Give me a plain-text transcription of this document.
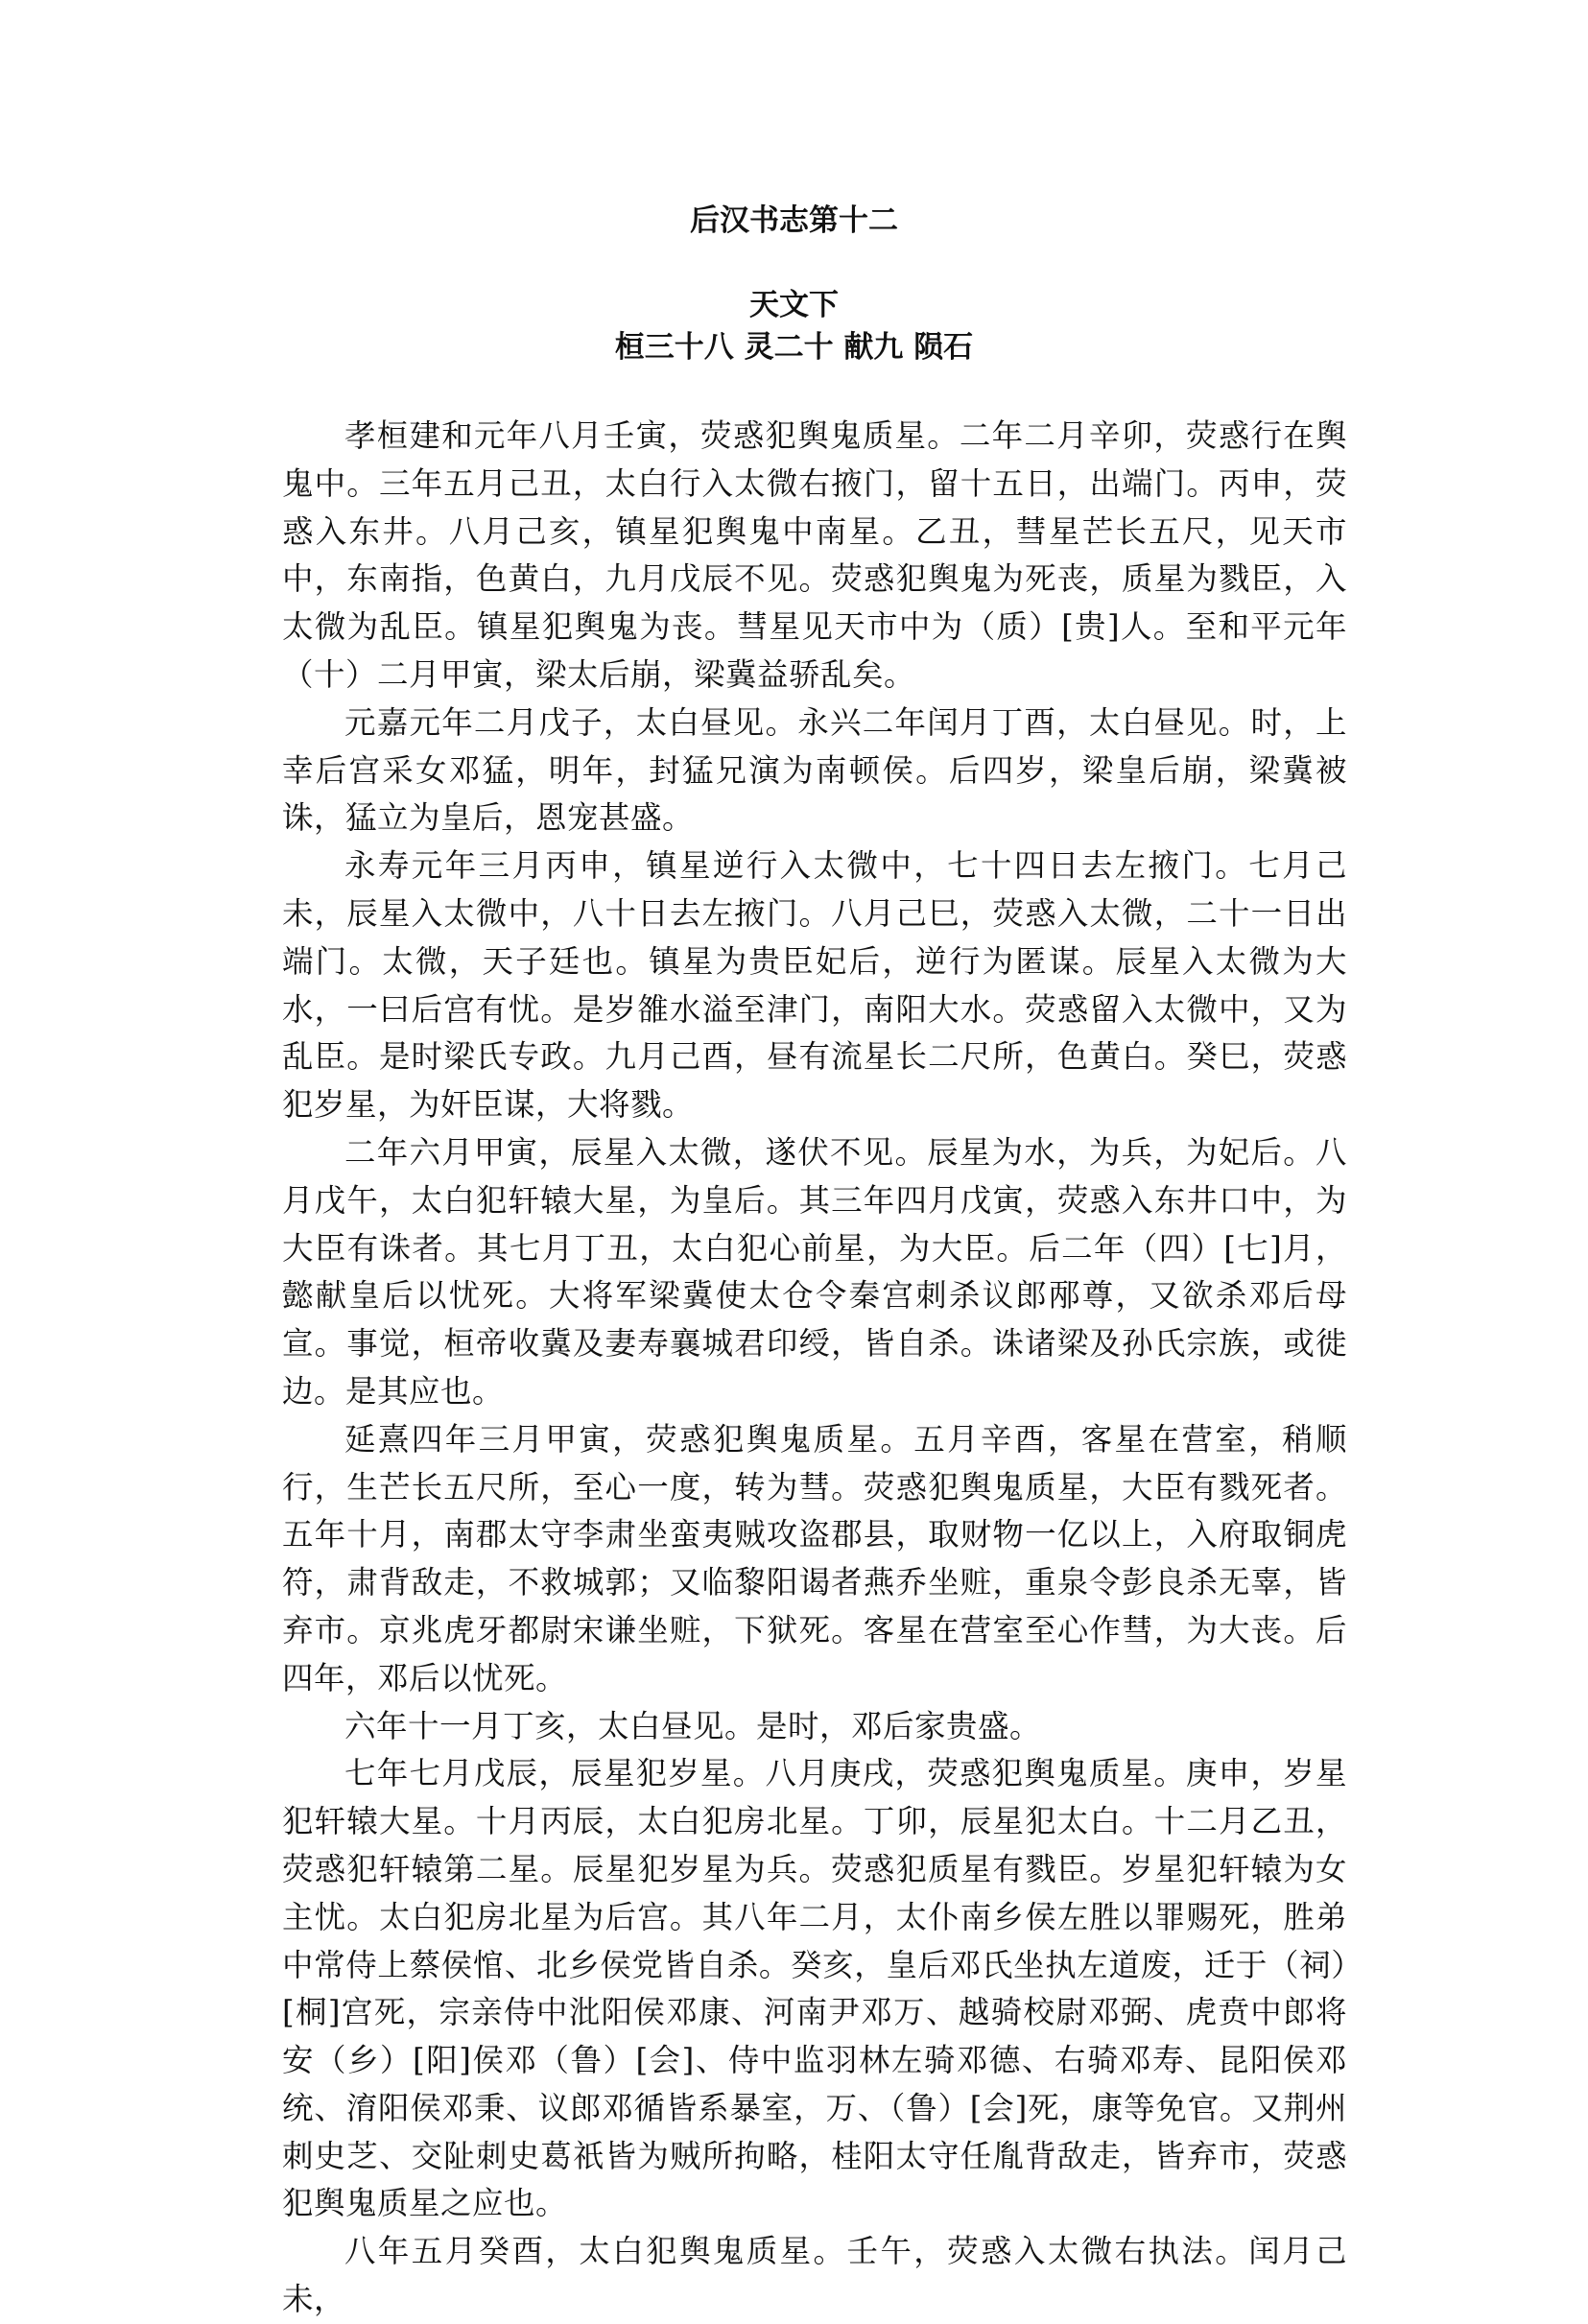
后汉书志第十二
天文下
桓三十八 灵二十 献九 陨石

孝桓建和元年八月壬寅，荧惑犯舆鬼质星。二年二月辛卯，荧惑行在舆鬼中。三年五月己丑，太白行入太微右掖门，留十五日，出端门。丙申，荧惑入东井。八月己亥，镇星犯舆鬼中南星。乙丑，彗星芒长五尺，见天市中，东南指，色黄白，九月戊辰不见。荧惑犯舆鬼为死丧，质星为戮臣，入太微为乱臣。镇星犯舆鬼为丧。彗星见天市中为（质）[贵]人。至和平元年（十）二月甲寅，梁太后崩，梁冀益骄乱矣。

元嘉元年二月戊子，太白昼见。永兴二年闰月丁酉，太白昼见。时，上幸后宫采女邓猛，明年，封猛兄演为南顿侯。后四岁，梁皇后崩，梁冀被诛，猛立为皇后，恩宠甚盛。

永寿元年三月丙申，镇星逆行入太微中，七十四日去左掖门。七月己未，辰星入太微中，八十日去左掖门。八月己巳，荧惑入太微，二十一日出端门。太微，天子廷也。镇星为贵臣妃后，逆行为匿谋。辰星入太微为大水，一曰后宫有忧。是岁雒水溢至津门，南阳大水。荧惑留入太微中，又为乱臣。是时梁氏专政。九月己酉，昼有流星长二尺所，色黄白。癸巳，荧惑犯岁星，为奸臣谋，大将戮。

二年六月甲寅，辰星入太微，遂伏不见。辰星为水，为兵，为妃后。八月戊午，太白犯轩辕大星，为皇后。其三年四月戊寅，荧惑入东井口中，为大臣有诛者。其七月丁丑，太白犯心前星，为大臣。后二年（四）[七]月，懿献皇后以忧死。大将军梁冀使太仓令秦宫刺杀议郎邴尊，又欲杀邓后母宣。事觉，桓帝收冀及妻寿襄城君印绶，皆自杀。诛诸梁及孙氏宗族，或徙边。是其应也。

延熹四年三月甲寅，荧惑犯舆鬼质星。五月辛酉，客星在营室，稍顺行，生芒长五尺所，至心一度，转为彗。荧惑犯舆鬼质星，大臣有戮死者。五年十月，南郡太守李肃坐蛮夷贼攻盗郡县，取财物一亿以上，入府取铜虎符，肃背敌走，不救城郭；又临黎阳谒者燕乔坐赃，重泉令彭良杀无辜，皆弃市。京兆虎牙都尉宋谦坐赃，下狱死。客星在营室至心作彗，为大丧。后四年，邓后以忧死。

六年十一月丁亥，太白昼见。是时，邓后家贵盛。

七年七月戊辰，辰星犯岁星。八月庚戌，荧惑犯舆鬼质星。庚申，岁星犯轩辕大星。十月丙辰，太白犯房北星。丁卯，辰星犯太白。十二月乙丑，荧惑犯轩辕第二星。辰星犯岁星为兵。荧惑犯质星有戮臣。岁星犯轩辕为女主忧。太白犯房北星为后宫。其八年二月，太仆南乡侯左胜以罪赐死，胜弟中常侍上蔡侯悺、北乡侯党皆自杀。癸亥，皇后邓氏坐执左道废，迁于（祠）[桐]宫死，宗亲侍中沘阳侯邓康、河南尹邓万、越骑校尉邓弼、虎贲中郎将安（乡）[阳]侯邓（鲁）[会]、侍中监羽林左骑邓德、右骑邓寿、昆阳侯邓统、淯阳侯邓秉、议郎邓循皆系暴室，万、（鲁）[会]死，康等免官。又荆州刺史芝、交阯刺史葛祇皆为贼所拘略，桂阳太守任胤背敌走，皆弃市，荧惑犯舆鬼质星之应也。

八年五月癸酉，太白犯舆鬼质星。壬午，荧惑入太微右执法。闰月己未，
